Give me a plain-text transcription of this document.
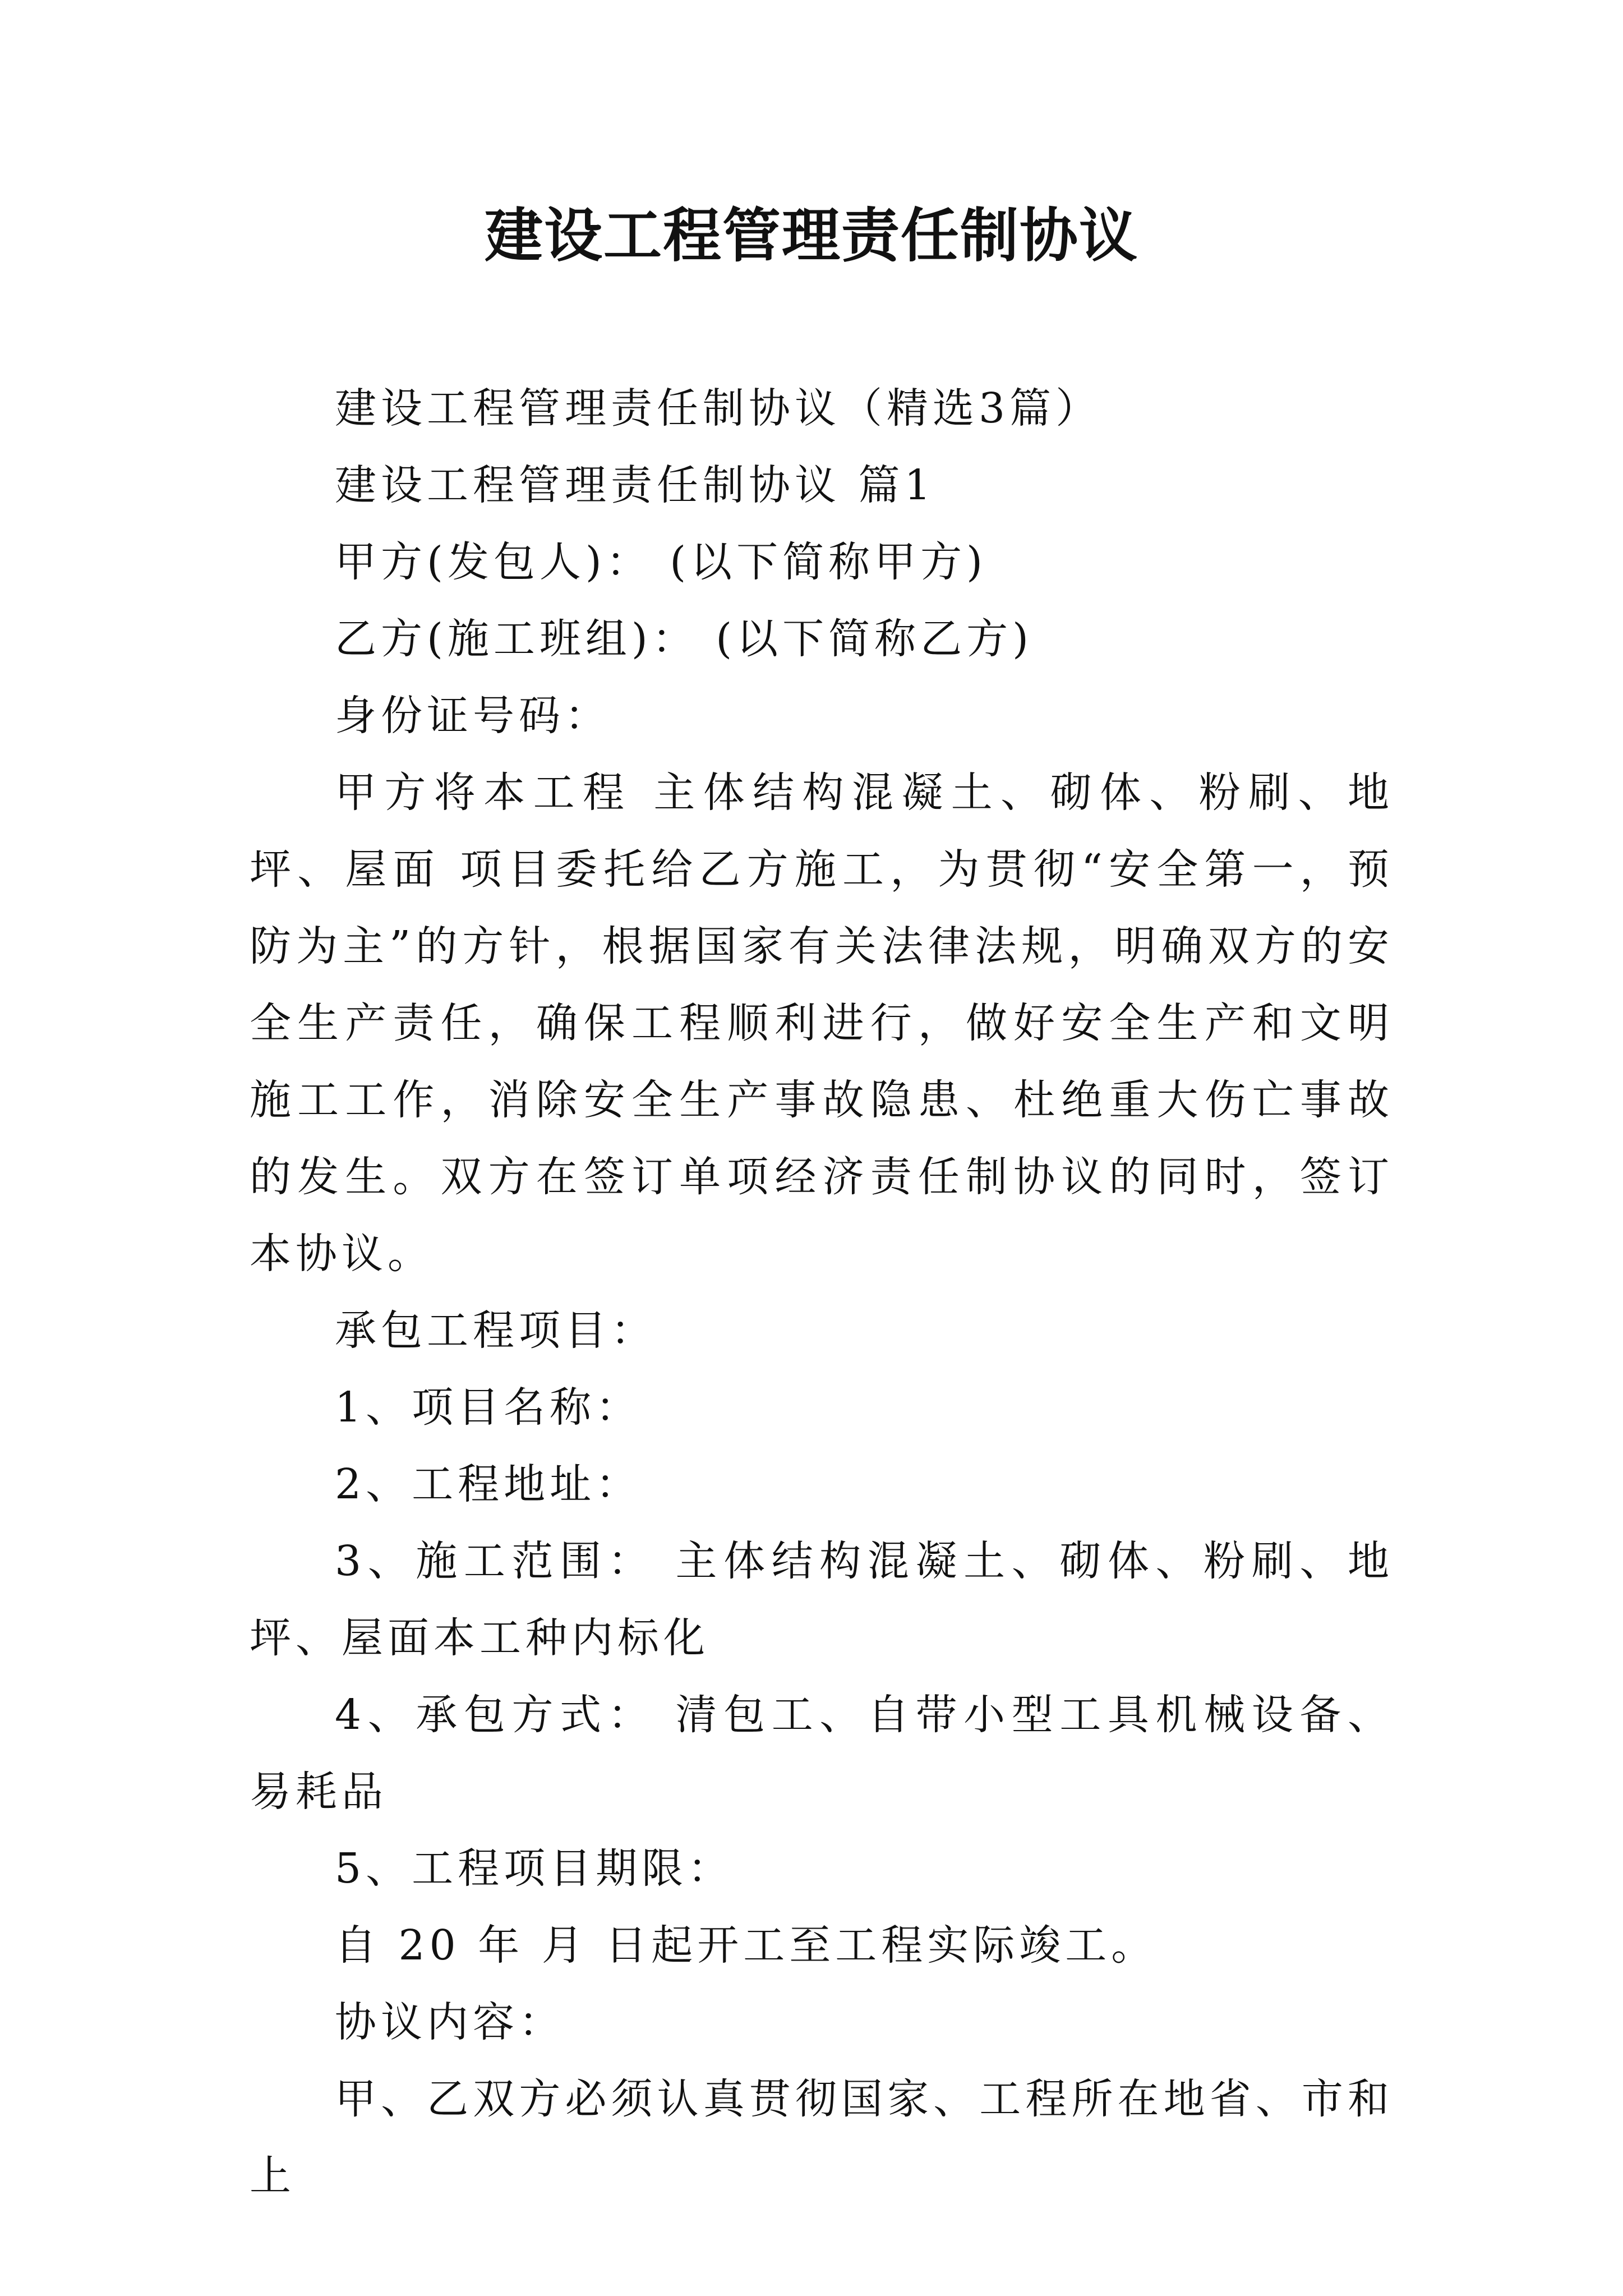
建设工程管理责任制协议

建设工程管理责任制协议（精选3篇）

建设工程管理责任制协议 篇1

甲方(发包人)： (以下简称甲方)

乙方(施工班组)： (以下简称乙方)

身份证号码：

甲方将本工程 主体结构混凝土、砌体、粉刷、地坪、屋面 项目委托给乙方施工，为贯彻“安全第一，预防为主”的方针，根据国家有关法律法规，明确双方的安全生产责任，确保工程顺利进行，做好安全生产和文明施工工作，消除安全生产事故隐患、杜绝重大伤亡事故的发生。双方在签订单项经济责任制协议的同时，签订本协议。

承包工程项目：

1、项目名称：

2、工程地址：

3、施工范围： 主体结构混凝土、砌体、粉刷、地坪、屋面本工种内标化

4、承包方式： 清包工、自带小型工具机械设备、易耗品

5、工程项目期限：

自 20 年 月 日起开工至工程实际竣工。

协议内容：

甲、乙双方必须认真贯彻国家、工程所在地省、市和上
